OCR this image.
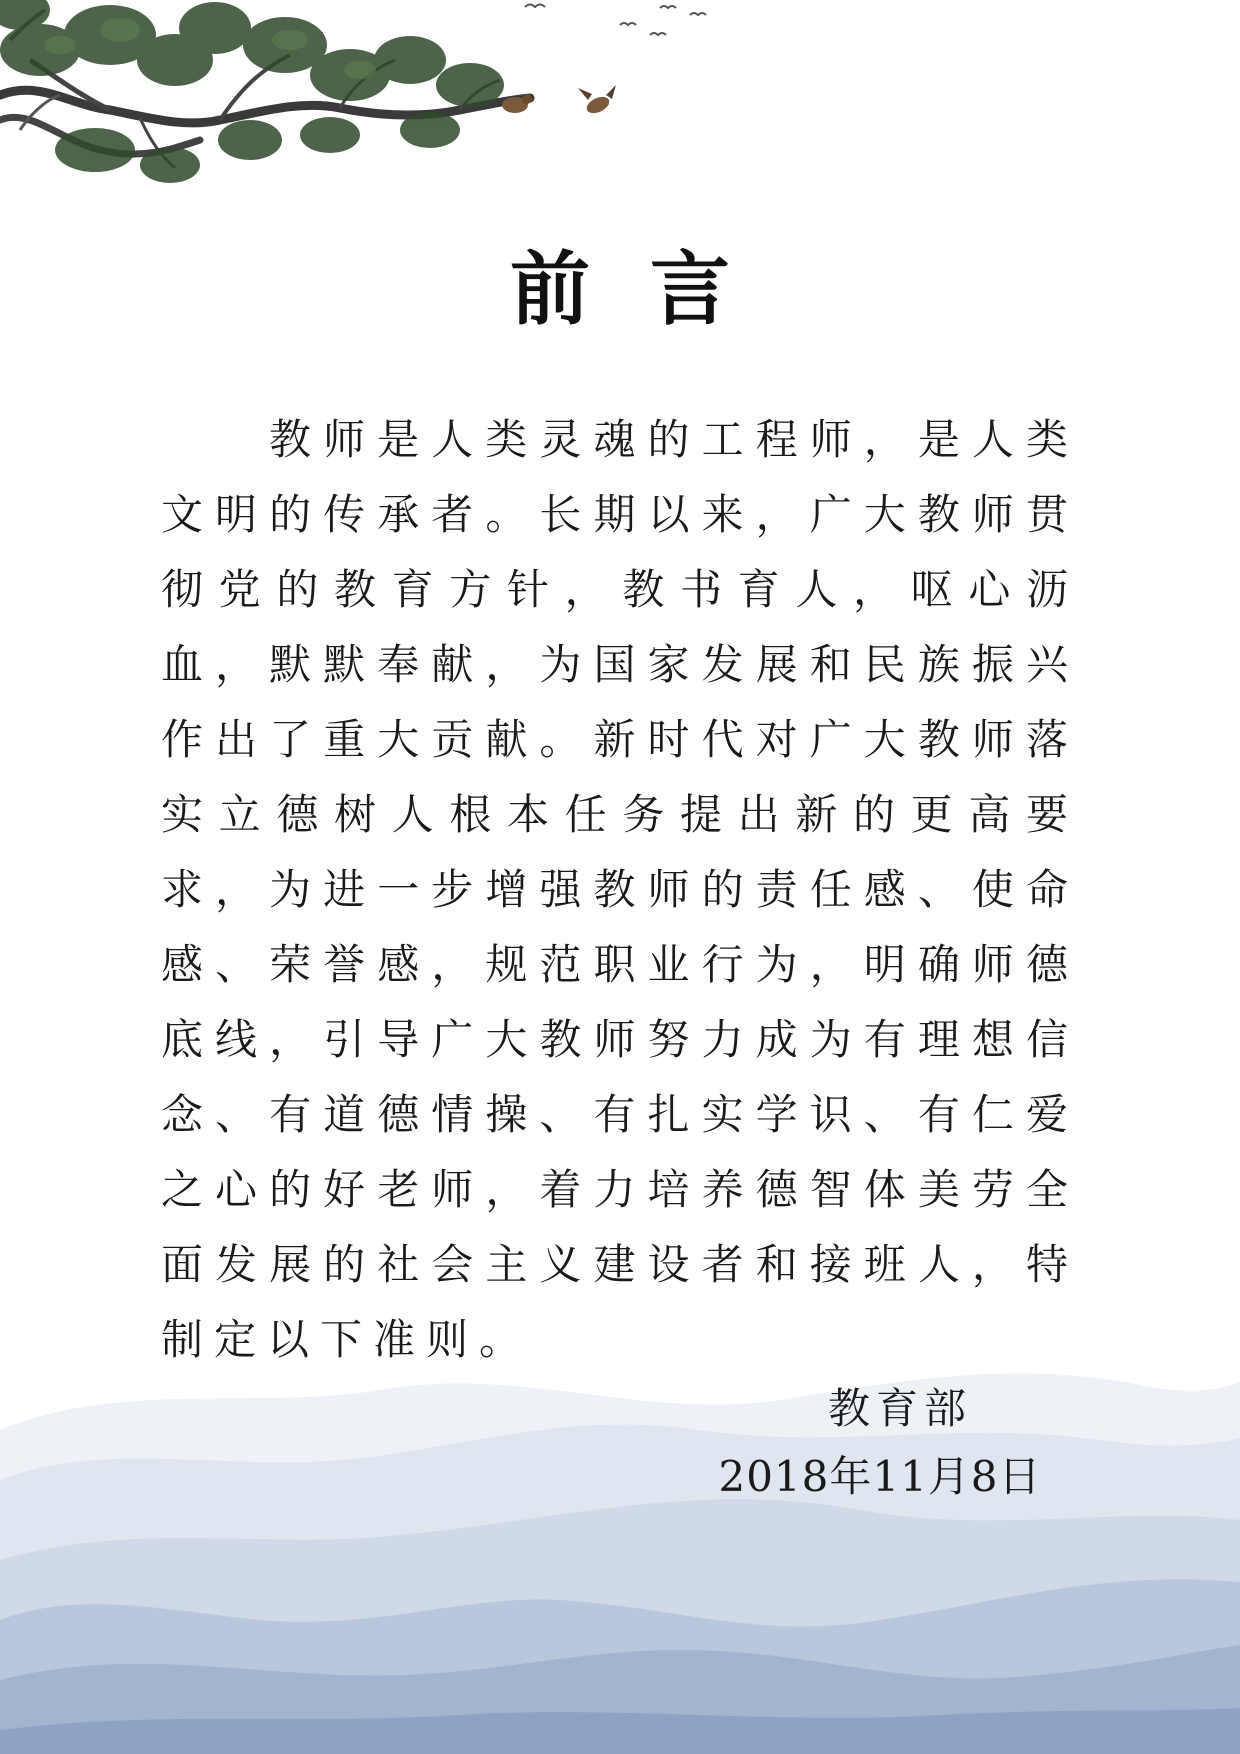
前言

教师是人类灵魂的工程师，是人类文明的传承者。长期以来，广大教师贯彻党的教育方针，教书育人，呕心沥血，默默奉献，为国家发展和民族振兴作出了重大贡献。新时代对广大教师落实立德树人根本任务提出新的更高要求，为进一步增强教师的责任感、使命感、荣誉感，规范职业行为，明确师德底线，引导广大教师努力成为有理想信念、有道德情操、有扎实学识、有仁爱之心的好老师，着力培养德智体美劳全面发展的社会主义建设者和接班人，特制定以下准则。

教育部
2018年11月8日
